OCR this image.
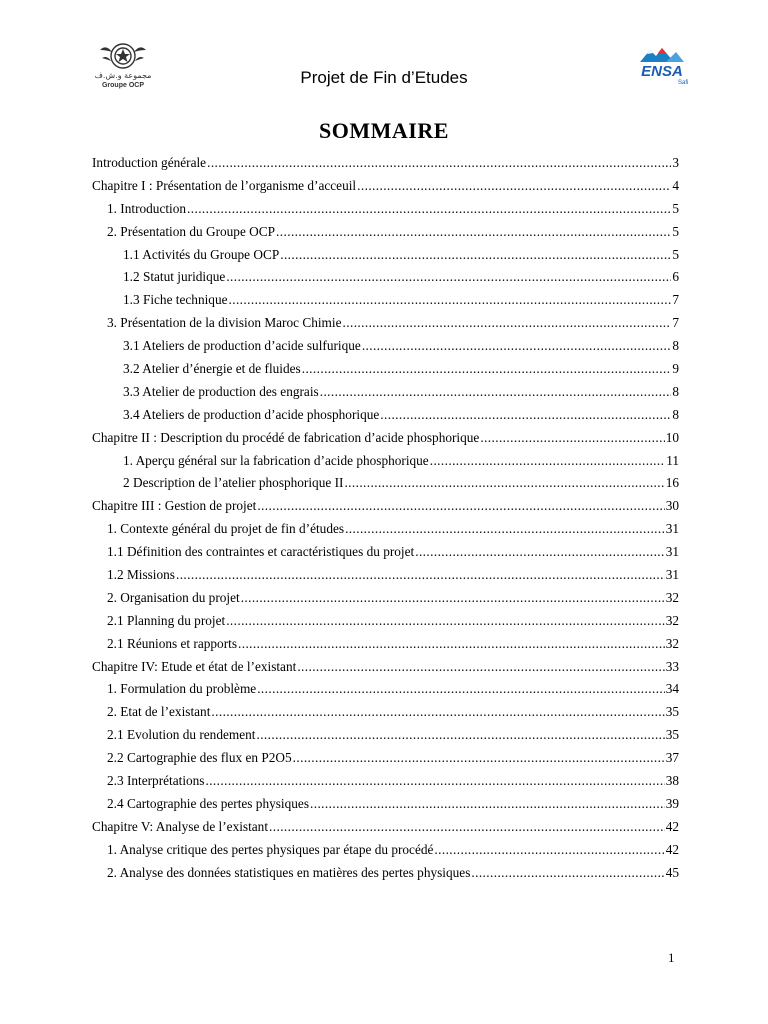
مجموعة و.ش.ف
Groupe OCP	Projet de Fin d’Etudes	ENSA
Safi
SOMMAIRE
Introduction générale .....	3
Chapitre I : Présentation de l’organisme d’acceuil .....	4
1. Introduction .....	5
2. Présentation du Groupe OCP .....	5
1.1 Activités du Groupe OCP .....	5
1.2 Statut juridique .....	6
1.3 Fiche technique .....	7
3. Présentation de la division Maroc Chimie .....	7
3.1 Ateliers de production d’acide sulfurique .....	8
3.2 Atelier d’énergie et de fluides .....	9
3.3 Atelier de production des engrais .....	8
3.4 Ateliers de production d’acide phosphorique .....	8
Chapitre II : Description du procédé de fabrication d’acide phosphorique .....	10
1. Aperçu général sur la fabrication d’acide phosphorique .....	11
2 Description de l’atelier phosphorique II .....	16
Chapitre III : Gestion de projet .....	30
1. Contexte général du projet de fin d’études .....	31
1.1 Définition des contraintes et caractéristiques du projet .....	31
1.2 Missions .....	31
2. Organisation du projet .....	32
2.1 Planning du projet .....	32
2.1 Réunions et rapports .....	32
Chapitre IV: Etude et état de l’existant .....	33
1. Formulation du problème .....	34
2. Etat de l’existant .....	35
2.1 Evolution du rendement .....	35
2.2 Cartographie des flux en P2O5 .....	37
2.3 Interprétations .....	38
2.4 Cartographie des pertes physiques .....	39
Chapitre V: Analyse de l’existant .....	42
1. Analyse critique des pertes physiques par étape du procédé .....	42
2. Analyse des données statistiques en matières des pertes physiques .....	45
1
